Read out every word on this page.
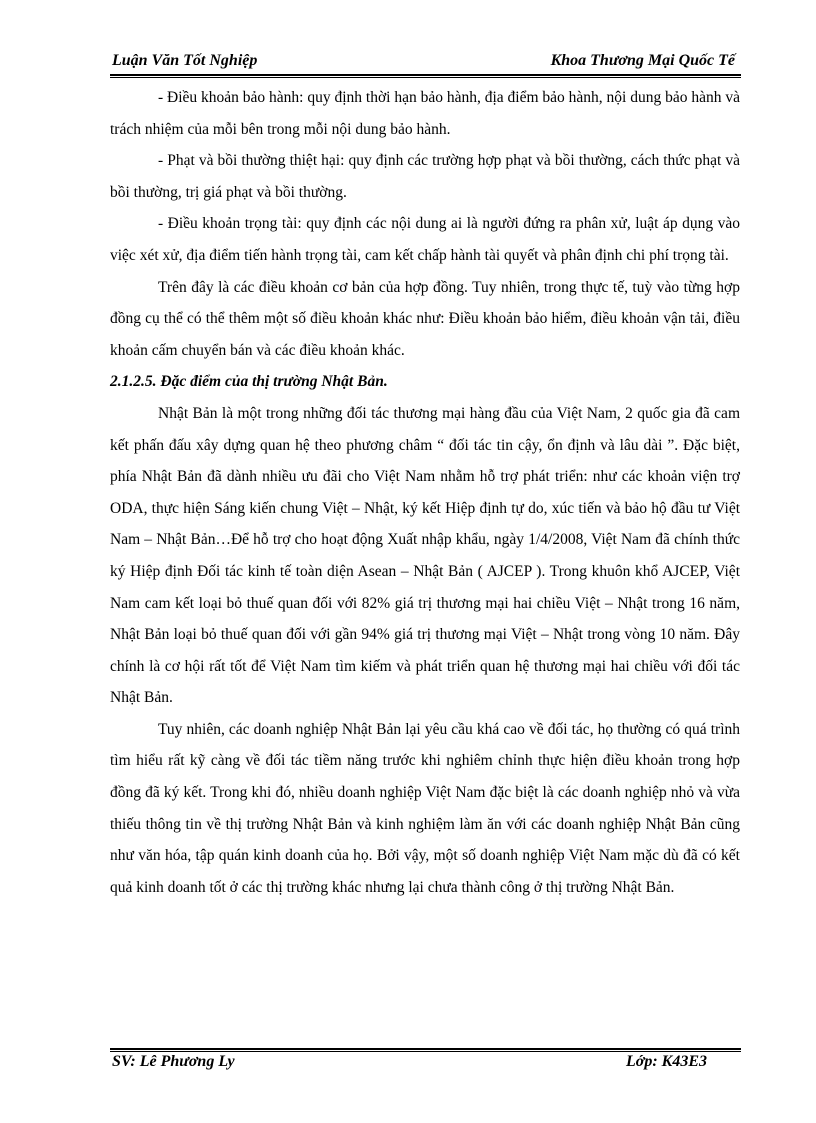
Luận Văn Tốt Nghiệp	Khoa Thương Mại Quốc Tế

- Điều khoản bảo hành: quy định thời hạn bảo hành, địa điểm bảo hành, nội dung bảo hành và trách nhiệm của mỗi bên trong mỗi nội dung bảo hành.

- Phạt và bồi thường thiệt hại: quy định các trường hợp phạt và bồi thường, cách thức phạt và bồi thường, trị giá phạt và bồi thường.

- Điều khoản trọng tài: quy định các nội dung ai là người đứng ra phân xử, luật áp dụng vào việc xét xử, địa điểm tiến hành trọng tài, cam kết chấp hành tài quyết và phân định chi phí trọng tài.

Trên đây là các điều khoản cơ bản của hợp đồng. Tuy nhiên, trong thực tế, tuỳ vào từng hợp đồng cụ thể có thể thêm một số điều khoản khác như: Điều khoản bảo hiểm, điều khoản vận tải, điều khoản cấm chuyển bán và các điều khoản khác.

2.1.2.5. Đặc điểm của thị trường Nhật Bản.

Nhật Bản là một trong những đối tác thương mại hàng đầu của Việt Nam, 2 quốc gia đã cam kết phấn đấu xây dựng quan hệ theo phương châm “ đối tác tin cậy, ổn định và lâu dài ”. Đặc biệt, phía Nhật Bản đã dành nhiều ưu đãi cho Việt Nam nhằm hỗ trợ phát triển: như các khoản viện trợ ODA, thực hiện Sáng kiến chung Việt – Nhật, ký kết Hiệp định tự do, xúc tiến và bảo hộ đầu tư Việt Nam – Nhật Bản…Để hỗ trợ cho hoạt động Xuất nhập khẩu, ngày 1/4/2008, Việt Nam đã chính thức ký Hiệp định Đối tác kinh tế toàn diện Asean – Nhật Bản ( AJCEP ). Trong khuôn khổ AJCEP, Việt Nam cam kết loại bỏ thuế quan đối với 82% giá trị thương mại hai chiều Việt – Nhật trong 16 năm, Nhật Bản loại bỏ thuế quan đối với gần 94% giá trị thương mại Việt – Nhật trong vòng 10 năm. Đây chính là cơ hội rất tốt để Việt Nam tìm kiếm và phát triển quan hệ thương mại hai chiều với đối tác Nhật Bản.

Tuy nhiên, các doanh nghiệp Nhật Bản lại yêu cầu khá cao về đối tác, họ thường có quá trình tìm hiểu rất kỹ càng về đối tác tiềm năng trước khi nghiêm chỉnh thực hiện điều khoản trong hợp đồng đã ký kết. Trong khi đó, nhiều doanh nghiệp Việt Nam đặc biệt là các doanh nghiệp nhỏ và vừa thiếu thông tin về thị trường Nhật Bản và kinh nghiệm làm ăn với các doanh nghiệp Nhật Bản cũng như văn hóa, tập quán kinh doanh của họ. Bởi vậy, một số doanh nghiệp Việt Nam mặc dù đã có kết quả kinh doanh tốt ở các thị trường khác nhưng lại chưa thành công ở thị trường Nhật Bản.

SV: Lê Phương Ly	Lớp: K43E3
